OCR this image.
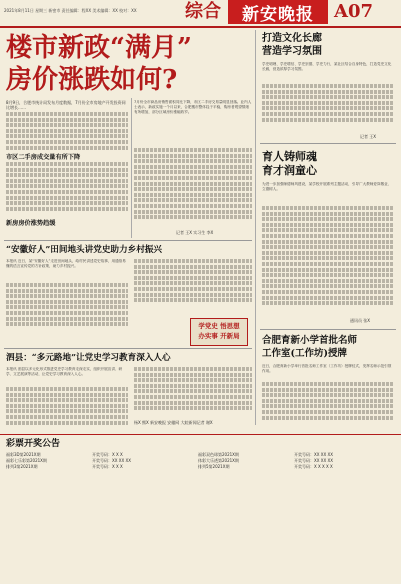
2021年8月11日 星期三 新密市 责任编辑：程XX 美术编辑：XX 校对：XX	综合 新安晚报 A07
楼市新政“满月”
房价涨跌如何?
8月9日，合肥市统计局发布月度数据，7月份全市房地产开发投资同比增长……
市区二手房成交量有所下降
新房房价涨势趋缓
7月份全市商品房销售面积同比下降，市区二手房交易量明显回落。业内人士表示，新政实施一个月以来，合肥楼市整体趋于平稳，购房者观望情绪有所增加，部分区域房价涨幅收窄。
记者 王X 实习生 李X
打造文化长廊
营造学习氛围
学史明理、学史增信、学史崇德、学史力行，某社区结合自身特色，打造党史文化长廊，营造浓厚学习氛围。
记者 王X
育人铸师魂
育才润童心
为进一步加强师德师风建设，某学校开展系列主题活动，引导广大教师爱岗敬业、立德树人。
通讯员 张X
合肥育新小学首批名师
工作室(工作坊)授牌
近日，合肥育新小学举行首批名师工作室（工作坊）授牌仪式，发挥名师示范引领作用。
“安徽好人”田间地头讲党史助力乡村振兴
本报讯 近日，某“安徽好人”走进田间地头，给村民讲述党史故事，用通俗易懂的语言宣传党的方针政策，助力乡村振兴。
学党史 悟思想
办实事 开新局
泗县：“多元路地”让党史学习教育深入人心
本报讯 泗县以多元化形式推进党史学习教育走深走实，组织开展宣讲、研学、文艺展演等活动，让党史学习教育深入人心。
杨X 熊X 新安晚报 安徽网 大皖新闻记者 谢X
彩票开奖公告
福彩3D第2021X期	开奖号码：X X X	福彩双色球第2021X期	开奖号码：XX XX XX
福彩七乐彩第2021X期	开奖号码：XX XX XX	体彩大乐透第2021X期	开奖号码：XX XX XX
排列3第2021X期	开奖号码：X X X	排列5第2021X期	开奖号码：X X X X X
